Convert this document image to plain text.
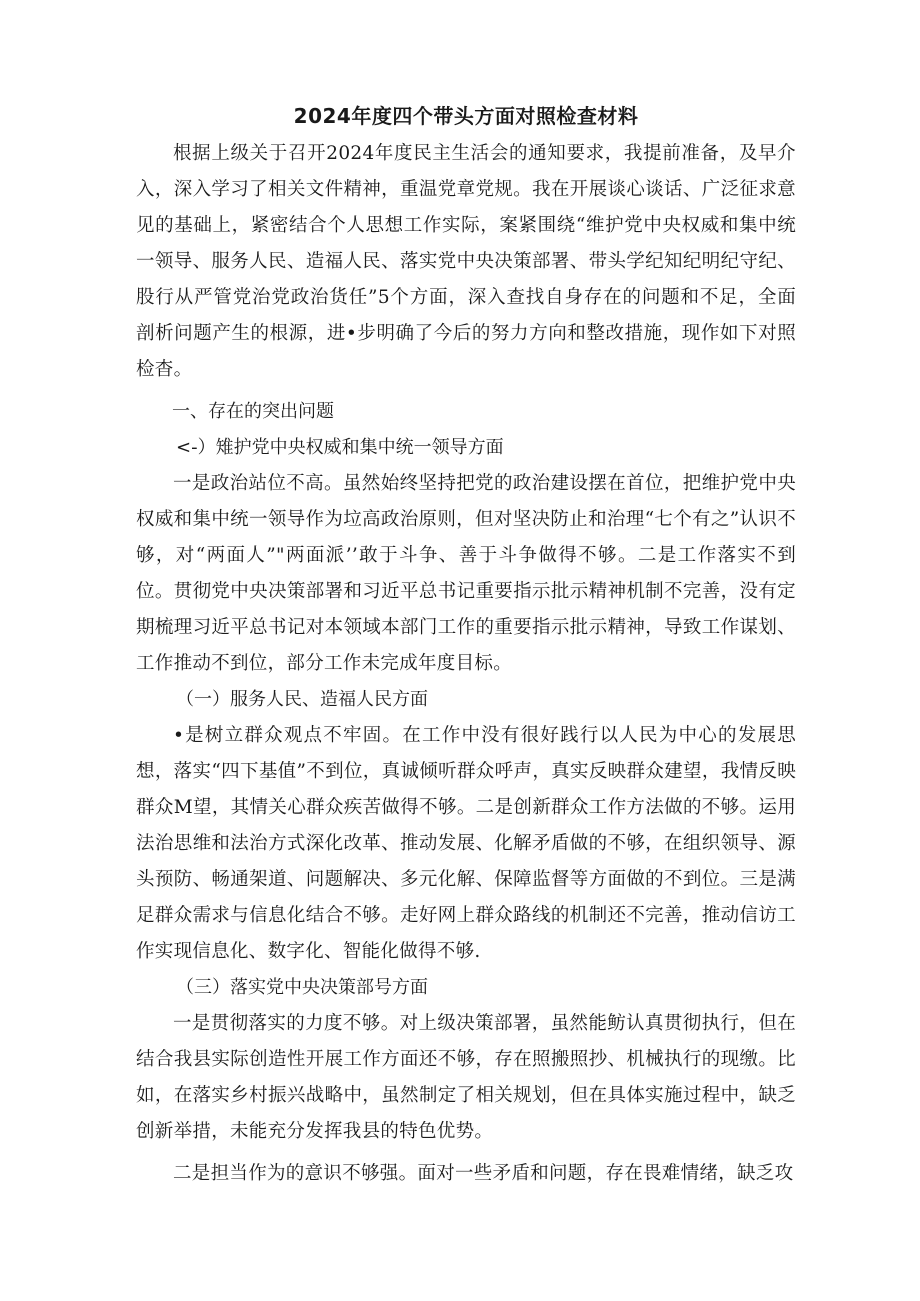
2024年度四个带头方面对照检查材料

根据上级关于召开2024年度民主生活会的通知要求，我提前准备，及早介入，深入学习了相关文件精神，重温党章党规。我在开展谈心谈话、广泛征求意见的基础上，紧密结合个人思想工作实际，案紧围绕“维护党中央权威和集中统一领导、服务人民、造福人民、落实党中央决策部署、带头学纪知纪明纪守纪、股行从严管党治党政治货任”5个方面，深入查找自身存在的问题和不足，全面剖析问题产生的根源，进•步明确了今后的努力方向和整改措施，现作如下对照检杳。

一、存在的突出问题

<-）雉护党中央权威和集中统一领导方面

一是政治站位不高。虽然始终坚持把党的政治建设摆在首位，把维护党中央权威和集中统一领导作为垃高政治原则，但对坚决防止和治理“七个有之”认识不够，对“两面人”"两面派’’敢于斗争、善于斗争做得不够。二是工作落实不到位。贯彻党中央决策部署和习近平总书记重要指示批示精神机制不完善，没有定期梳理习近平总书记对本领域本部门工作的重要指示批示精神，导致工作谋划、工作推动不到位，部分工作未完成年度目标。

（一）服务人民、造福人民方面

•是树立群众观点不牢固。在工作中没有很好践行以人民为中心的发展思想，落实“四下基值”不到位，真诚倾听群众呼声，真实反映群众建望，我情反映群众M望，其情关心群众疾苦做得不够。二是创新群众工作方法做的不够。运用法治思维和法治方式深化改革、推动发展、化解矛盾做的不够，在组织领导、源头预防、畅通架道、问题解决、多元化解、保障监督等方面做的不到位。三是满足群众需求与信息化结合不够。走好网上群众路线的机制还不完善，推动信访工作实现信息化、数字化、智能化做得不够.

（三）落实党中央决策部号方面

一是贯彻落实的力度不够。对上级决策部署，虽然能鲂认真贯彻执行，但在结合我县实际创造性开展工作方面还不够，存在照搬照抄、机械执行的现缴。比如，在落实乡村振兴战略中，虽然制定了相关规划，但在具体实施过程中，缺乏创新举措，未能充分发挥我县的特色优势。

二是担当作为的意识不够强。面对一些矛盾和问题，存在畏难情绪，缺乏攻
